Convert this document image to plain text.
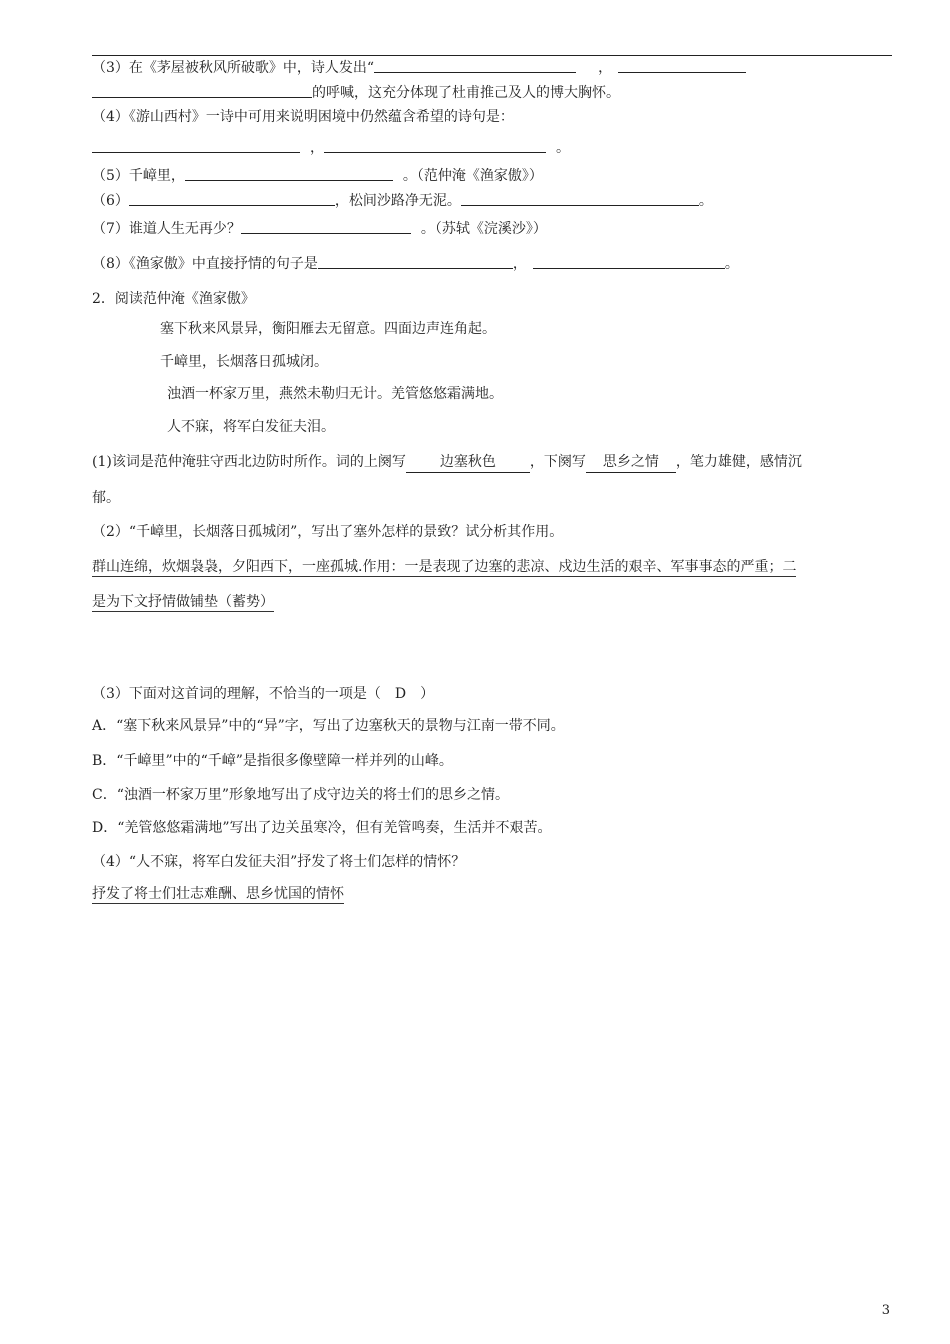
（3）在《茅屋被秋风所破歌》中，诗人发出“	，
的呼喊，这充分体现了杜甫推己及人的博大胸怀。
（4）《游山西村》一诗中可用来说明困境中仍然蕴含希望的诗句是：
，	。
（5）千嶂里，	。（范仲淹《渔家傲》）
（6）	，松间沙路净无泥。	。
（7）谁道人生无再少？	。（苏轼《浣溪沙》）
（8）《渔家傲》中直接抒情的句子是	，	。
2．阅读范仲淹《渔家傲》
塞下秋来风景异，衡阳雁去无留意。四面边声连角起。
千嶂里，长烟落日孤城闭。
浊酒一杯家万里，燕然未勒归无计。羌管悠悠霜满地。
人不寐，将军白发征夫泪。
(1)该词是范仲淹驻守西北边防时所作。词的上阕写 边塞秋色 ，下阕写 思乡之情 ，笔力雄健，感情沉
郁。
（2）“千嶂里，长烟落日孤城闭”，写出了塞外怎样的景致？试分析其作用。
群山连绵，炊烟袅袅，夕阳西下，一座孤城.作用：一是表现了边塞的悲凉、戍边生活的艰辛、军事事态的严重；二
是为下文抒情做铺垫（蓄势）
（3）下面对这首词的理解，不恰当的一项是（　D　）
A．“塞下秋来风景异”中的“异”字，写出了边塞秋天的景物与江南一带不同。
B．“千嶂里”中的“千嶂”是指很多像壁障一样并列的山峰。
C．“浊酒一杯家万里”形象地写出了戍守边关的将士们的思乡之情。
D．“羌管悠悠霜满地”写出了边关虽寒冷，但有羌管鸣奏，生活并不艰苦。
（4）“人不寐，将军白发征夫泪”抒发了将士们怎样的情怀？
抒发了将士们壮志难酬、思乡忧国的情怀
3
